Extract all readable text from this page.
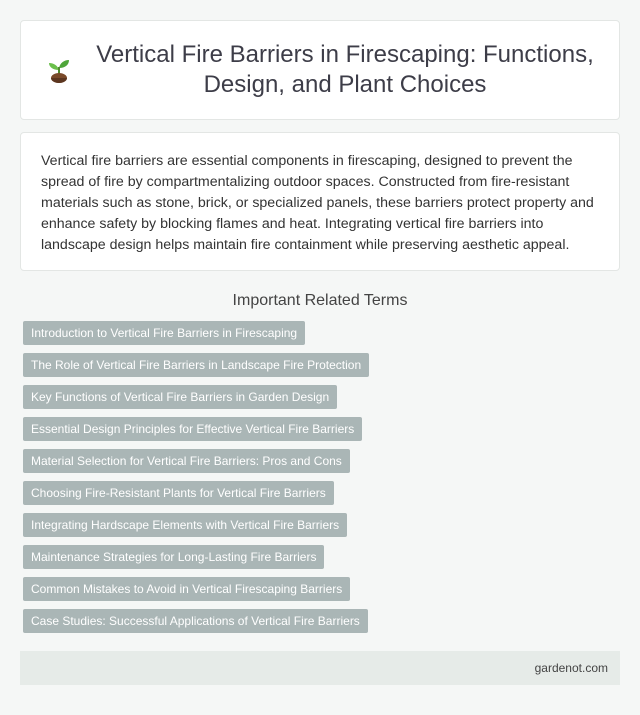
Vertical Fire Barriers in Firescaping: Functions, Design, and Plant Choices

Vertical fire barriers are essential components in firescaping, designed to prevent the spread of fire by compartmentalizing outdoor spaces. Constructed from fire-resistant materials such as stone, brick, or specialized panels, these barriers protect property and enhance safety by blocking flames and heat. Integrating vertical fire barriers into landscape design helps maintain fire containment while preserving aesthetic appeal.

Important Related Terms
Introduction to Vertical Fire Barriers in Firescaping
The Role of Vertical Fire Barriers in Landscape Fire Protection
Key Functions of Vertical Fire Barriers in Garden Design
Essential Design Principles for Effective Vertical Fire Barriers
Material Selection for Vertical Fire Barriers: Pros and Cons
Choosing Fire-Resistant Plants for Vertical Fire Barriers
Integrating Hardscape Elements with Vertical Fire Barriers
Maintenance Strategies for Long-Lasting Fire Barriers
Common Mistakes to Avoid in Vertical Firescaping Barriers
Case Studies: Successful Applications of Vertical Fire Barriers
gardenot.com
